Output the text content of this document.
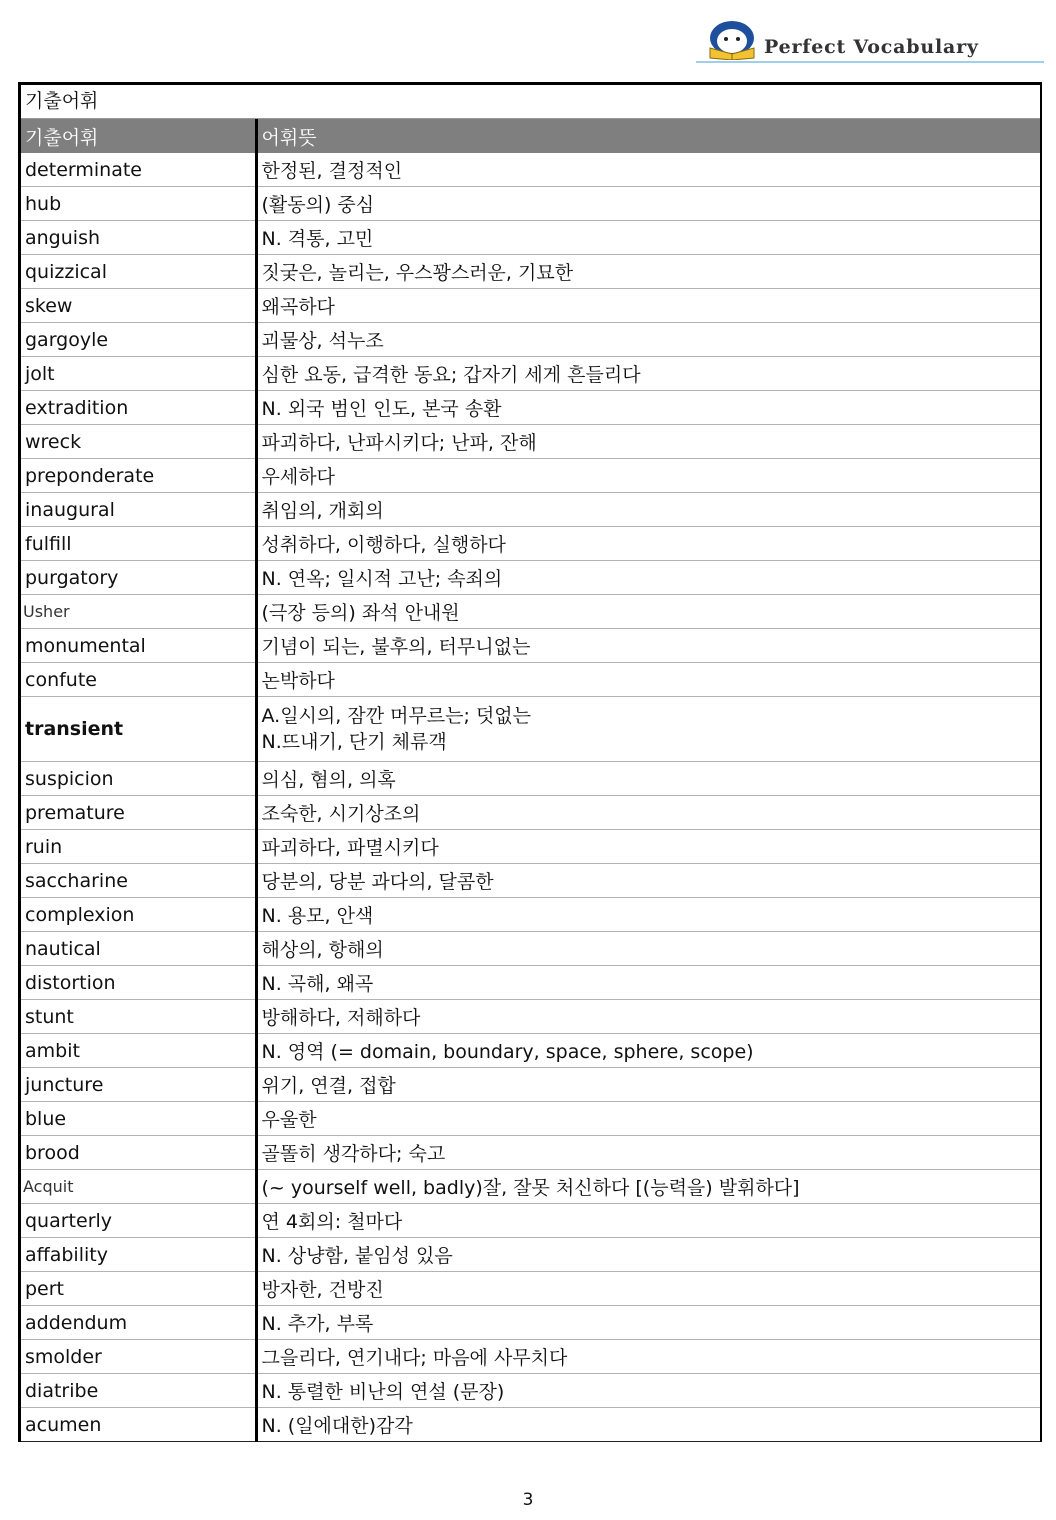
Perfect Vocabulary
기출어휘
기출어휘	어휘뜻
determinate	한정된, 결정적인
hub	(활동의) 중심
anguish	N. 격통, 고민
quizzical	짓궂은, 놀리는, 우스꽝스러운, 기묘한
skew	왜곡하다
gargoyle	괴물상, 석누조
jolt	심한 요동, 급격한 동요; 갑자기 세게 흔들리다
extradition	N. 외국 범인 인도, 본국 송환
wreck	파괴하다, 난파시키다; 난파, 잔해
preponderate	우세하다
inaugural	취임의, 개회의
fulfill	성취하다, 이행하다, 실행하다
purgatory	N. 연옥; 일시적 고난; 속죄의
Usher	(극장 등의) 좌석 안내원
monumental	기념이 되는, 불후의, 터무니없는
confute	논박하다
transient	A.일시의, 잠깐 머무르는; 덧없는
N.뜨내기, 단기 체류객

suspicion	의심, 혐의, 의혹
premature	조숙한, 시기상조의
ruin	파괴하다, 파멸시키다
saccharine	당분의, 당분 과다의, 달콤한
complexion	N. 용모, 안색
nautical	해상의, 항해의
distortion	N. 곡해, 왜곡
stunt	방해하다, 저해하다
ambit	N. 영역 (= domain, boundary, space, sphere, scope)
juncture	위기, 연결, 접합
blue	우울한
brood	골똘히 생각하다; 숙고
Acquit	(~ yourself well, badly)잘, 잘못 처신하다 [(능력을) 발휘하다]
quarterly	연 4회의: 철마다
affability	N. 상냥함, 붙임성 있음
pert	방자한, 건방진
addendum	N. 추가, 부록
smolder	그을리다, 연기내다; 마음에 사무치다
diatribe	N. 통렬한 비난의 연설 (문장)
acumen	N. (일에대한)감각
3
